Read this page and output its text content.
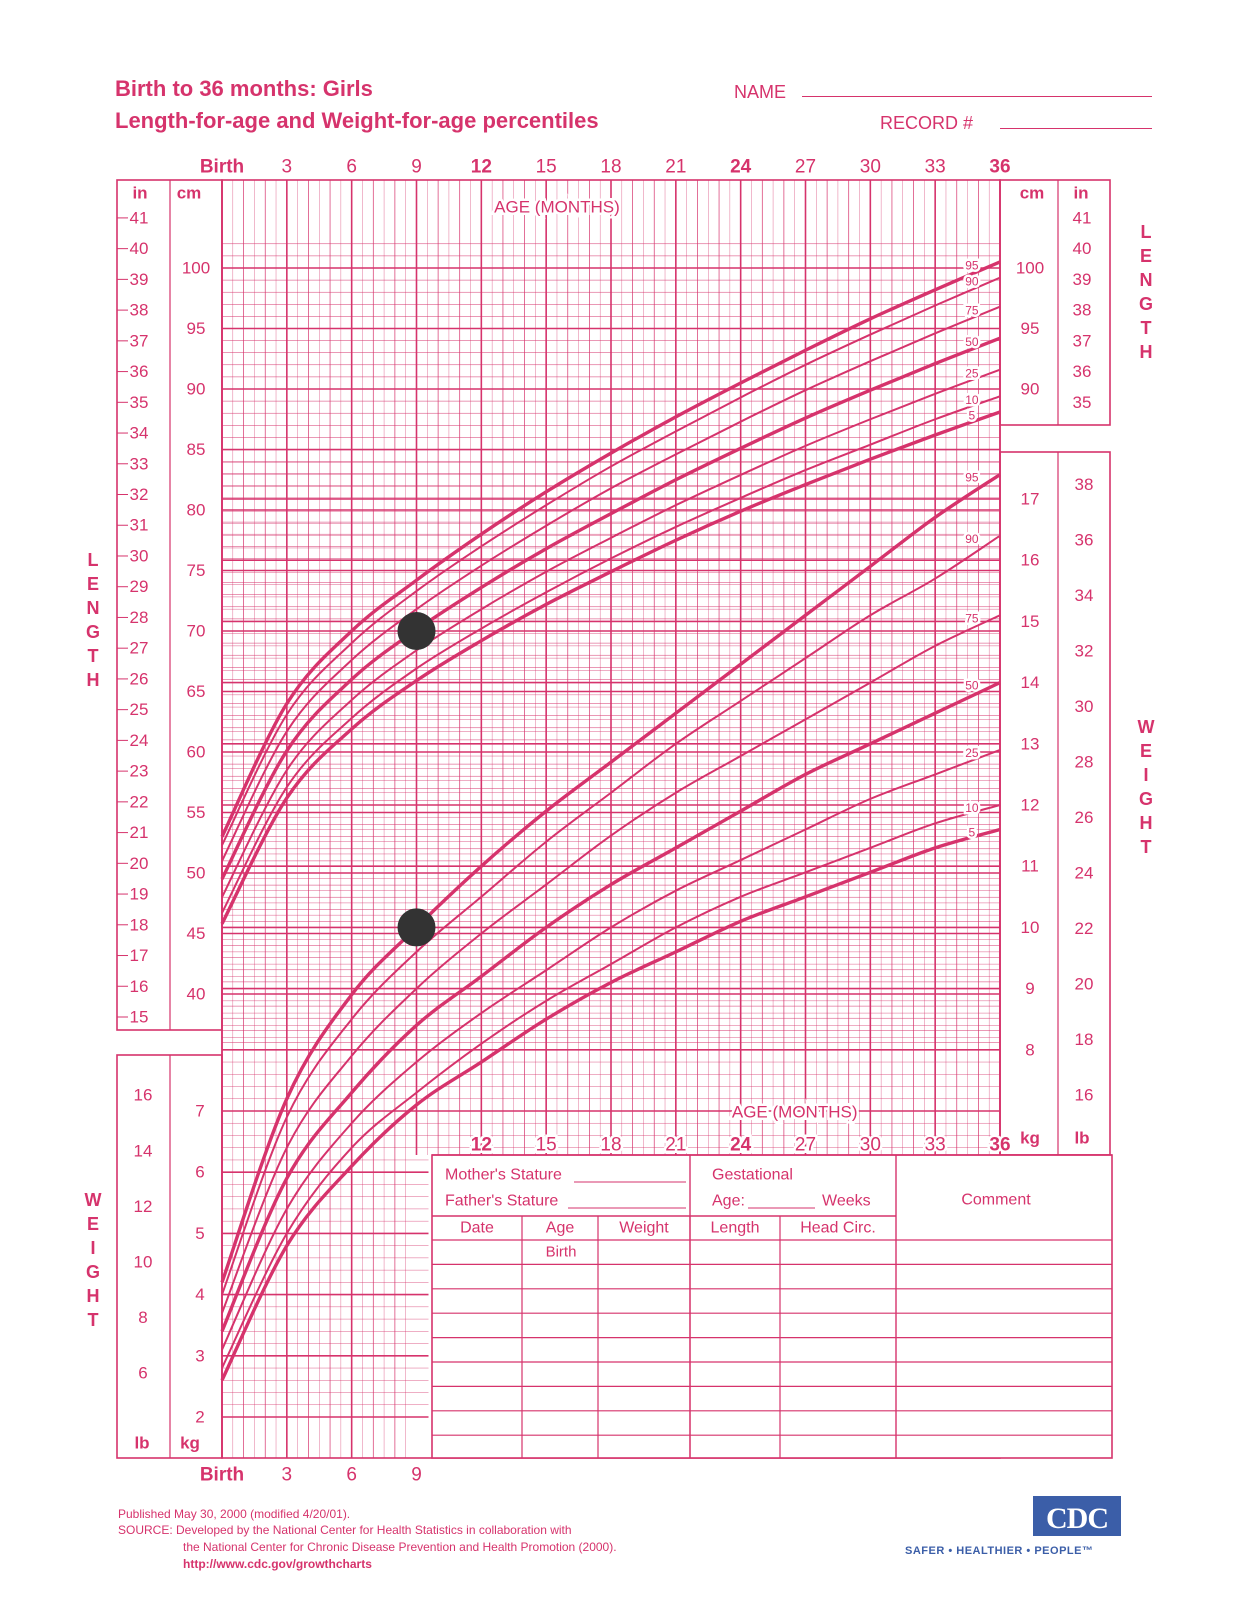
Birth to 36 months: Girls
Length-for-age and Weight-for-age percentiles
NAME
RECORD #
Birth 3	6	9	12 15 18 21 24 27 30 33 36
AGE (MONTHS)
Birth 3	6	9
12 15 18 21 24 27 30 33 36
AGE (MONTHS)
cm
in	cm in
40
45
50
55
60
65
70
75
80
85
90	90
95	95
100	100
15
16
17
18
19
20
21
22
23
24
25
26
27
28
29
30
31
32
33
34
35	35
36	36
37	37
38	38
39	39
40	40
41	41
kg
lb
kg lb
2
3
4
5
6
7
8
9
10
11
12
13
14
15
16
17
6
8
10
12
14
16	16
18
20
22
24
26
28
30
32
34
36
38
L
E
N
G
T
H
L
E
N
G
T
H
W
E
I
G
H
T
W
E
I
G
H
T
95
90
75
50
25
10
5
95
90
75
50
25
10
5
Mother's Stature
Father's Stature
Gestational
Age:	Weeks	Comment
Date	Age	Weight	Length	Head Circ.
Birth
Published May 30, 2000 (modified 4/20/01).
SOURCE: Developed by the National Center for Health Statistics in collaboration with
the National Center for Chronic Disease Prevention and Health Promotion (2000).
http://www.cdc.gov/growthcharts
CDC
SAFER • HEALTHIER • PEOPLE™
